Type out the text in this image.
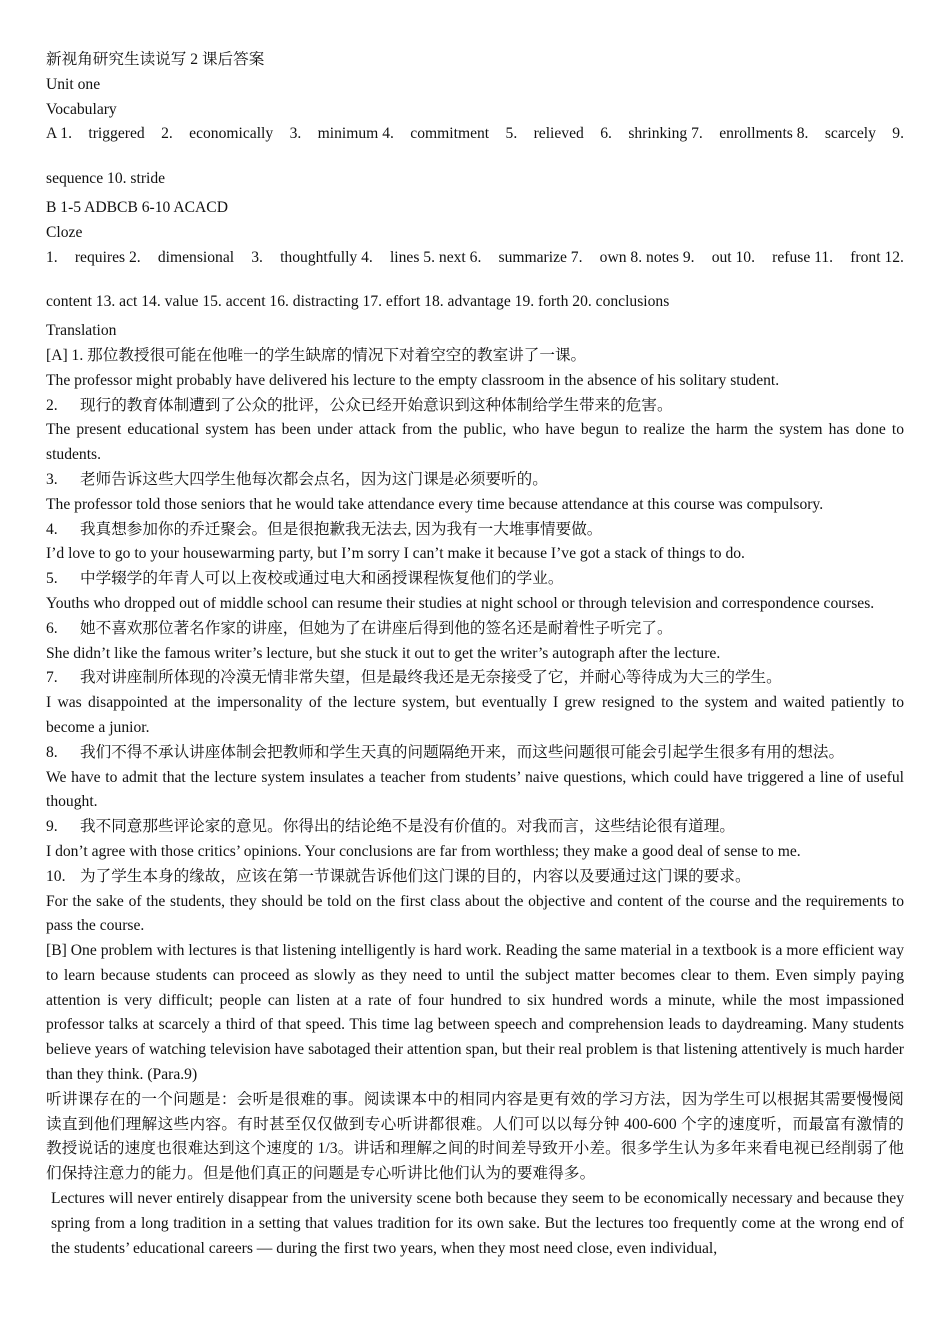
新视角研究生读说写 2 课后答案

Unit one

Vocabulary

A 1. triggered 2. economically 3. minimum 4. commitment 5. relieved 6. shrinking 7. enrollments 8. scarcely 9.

sequence 10. stride

B 1-5 ADBCB 6-10 ACACD

Cloze

1. requires 2. dimensional 3. thoughtfully 4. lines 5. next 6. summarize 7. own 8. notes 9. out 10. refuse 11. front 12.

content 13. act 14. value 15. accent 16. distracting 17. effort 18. advantage 19. forth 20. conclusions

Translation

[A] 1. 那位教授很可能在他唯一的学生缺席的情况下对着空空的教室讲了一课。

The professor might probably have delivered his lecture to the empty classroom in the absence of his solitary student.

2. 现行的教育体制遭到了公众的批评，公众已经开始意识到这种体制给学生带来的危害。

The present educational system has been under attack from the public, who have begun to realize the harm the system has done to students.

3. 老师告诉这些大四学生他每次都会点名，因为这门课是必须要听的。

The professor told those seniors that he would take attendance every time because attendance at this course was compulsory.

4. 我真想参加你的乔迁聚会。但是很抱歉我无法去, 因为我有一大堆事情要做。

I’d love to go to your housewarming party, but I’m sorry I can’t make it because I’ve got a stack of things to do.

5. 中学辍学的年青人可以上夜校或通过电大和函授课程恢复他们的学业。

Youths who dropped out of middle school can resume their studies at night school or through television and correspondence courses.

6. 她不喜欢那位著名作家的讲座，但她为了在讲座后得到他的签名还是耐着性子听完了。

She didn’t like the famous writer’s lecture, but she stuck it out to get the writer’s autograph after the lecture.

7. 我对讲座制所体现的冷漠无情非常失望，但是最终我还是无奈接受了它，并耐心等待成为大三的学生。

I was disappointed at the impersonality of the lecture system, but eventually I grew resigned to the system and waited patiently to become a junior.

8. 我们不得不承认讲座体制会把教师和学生天真的问题隔绝开来，而这些问题很可能会引起学生很多有用的想法。

We have to admit that the lecture system insulates a teacher from students’ naive questions, which could have triggered a line of useful thought.

9. 我不同意那些评论家的意见。你得出的结论绝不是没有价值的。对我而言，这些结论很有道理。

I don’t agree with those critics’ opinions. Your conclusions are far from worthless; they make a good deal of sense to me.

10. 为了学生本身的缘故，应该在第一节课就告诉他们这门课的目的，内容以及要通过这门课的要求。

For the sake of the students, they should be told on the first class about the objective and content of the course and the requirements to pass the course.

[B] One problem with lectures is that listening intelligently is hard work. Reading the same material in a textbook is a more efficient way to learn because students can proceed as slowly as they need to until the subject matter becomes clear to them. Even simply paying attention is very difficult; people can listen at a rate of four hundred to six hundred words a minute, while the most impassioned professor talks at scarcely a third of that speed. This time lag between speech and comprehension leads to daydreaming. Many students believe years of watching television have sabotaged their attention span, but their real problem is that listening attentively is much harder than they think. (Para.9)

听讲课存在的一个问题是：会听是很难的事。阅读课本中的相同内容是更有效的学习方法，因为学生可以根据其需要慢慢阅读直到他们理解这些内容。有时甚至仅仅做到专心听讲都很难。人们可以以每分钟 400-600 个字的速度听，而最富有激情的教授说话的速度也很难达到这个速度的 1/3。讲话和理解之间的时间差导致开小差。很多学生认为多年来看电视已经削弱了他们保持注意力的能力。但是他们真正的问题是专心听讲比他们认为的要难得多。

Lectures will never entirely disappear from the university scene both because they seem to be economically necessary and because they spring from a long tradition in a setting that values tradition for its own sake. But the lectures too frequently come at the wrong end of the students’ educational careers — during the first two years, when they most need close, even individual,
